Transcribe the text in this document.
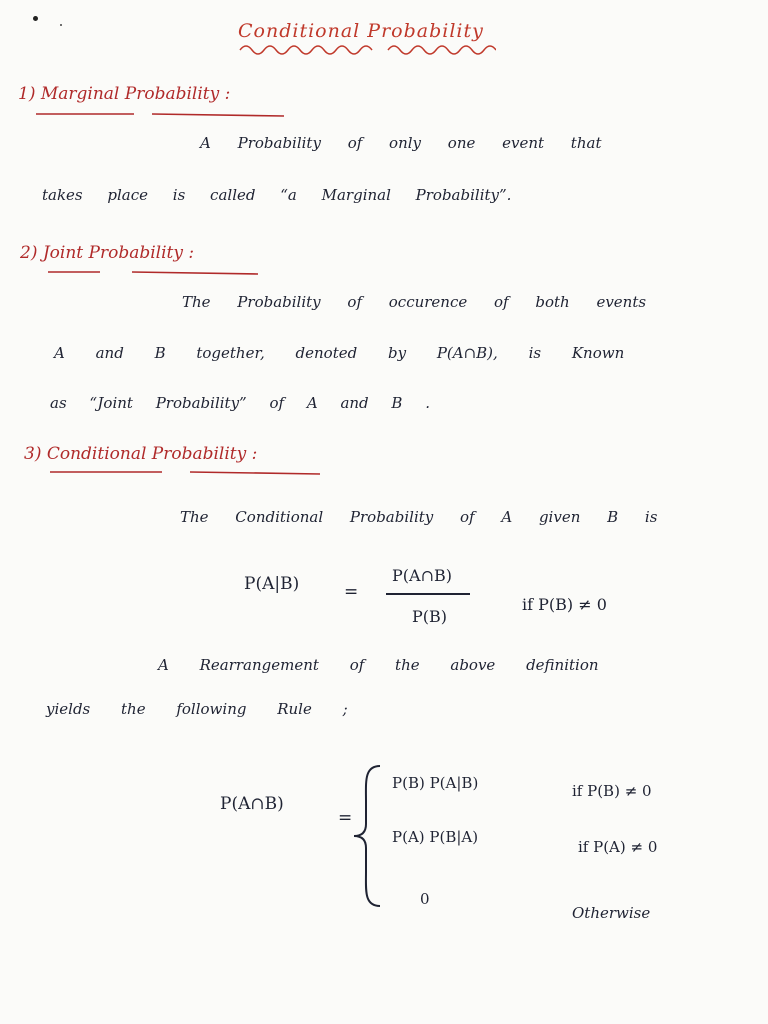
Conditional Probability
1) Marginal Probability :
A Probability of only one event that
takes place is called “a Marginal Probability”.
2) Joint Probability :
The Probability of occurence of both events
A and B together, denoted by P(A∩B), is Known
as “Joint Probability” of A and B .
3) Conditional Probability :
The Conditional Probability of A given B is
P(A|B)	=
P(A∩B)
P(B)
if P(B) ≠ 0
A Rearrangement of the above definition
yields the following Rule ;
P(A∩B)
=
P(B) P(A|B)	if P(B) ≠ 0
P(A) P(B|A)
if P(A) ≠ 0
0
Otherwise
